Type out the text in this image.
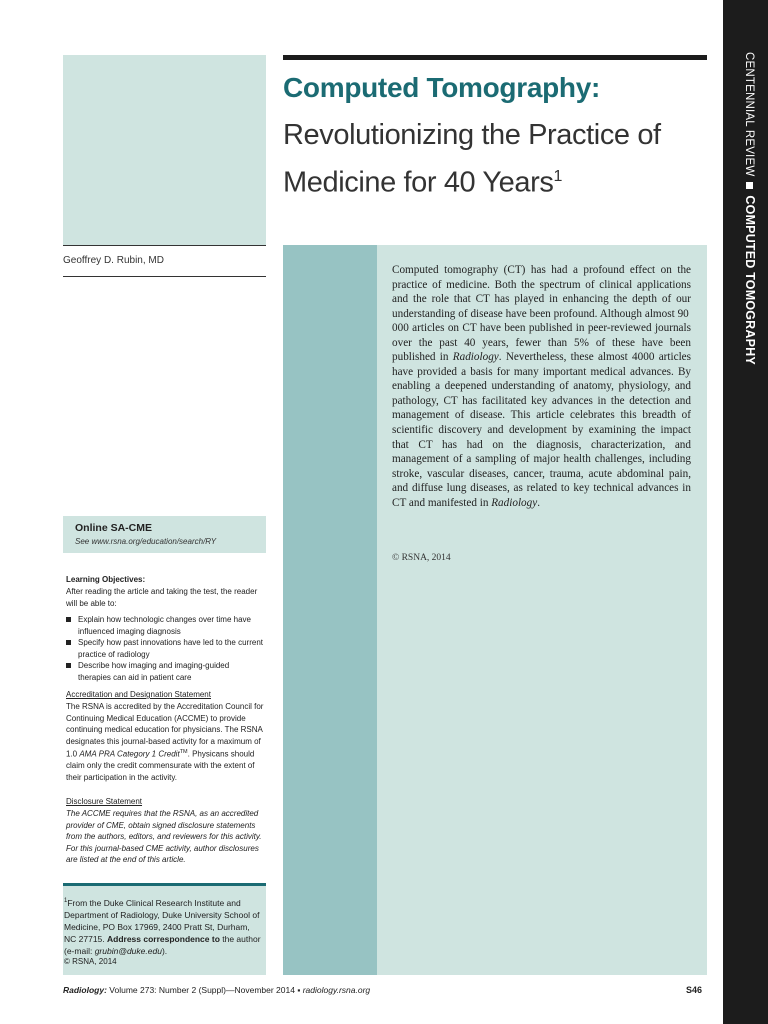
CENTENNIAL REVIEWCOMPUTED TOMOGRAPHY
Computed Tomography:
Revolutionizing the Practice of Medicine for 40 Years$^1$
Geoffrey D. Rubin, MD
Computed tomography (CT) has had a profound effect on the practice of medicine. Both the spectrum of clinical applications and the role that CT has played in enhancing the depth of our understanding of disease have been profound. Although almost 90 000 articles on CT have been published in peer-reviewed journals over the past 40 years, fewer than 5% of these have been published in Radiology. Nevertheless, these almost 4000 articles have provided a basis for many important medical advances. By enabling a deepened understanding of anatomy, physiology, and pathology, CT has facilitated key advances in the detection and management of disease. This article celebrates this breadth of scientific discovery and development by examining the impact that CT has had on the diagnosis, characterization, and management of a sampling of major health challenges, including stroke, vascular diseases, cancer, trauma, acute abdominal pain, and diffuse lung diseases, as related to key technical advances in CT and manifested in Radiology.
© RSNA, 2014
Online SA-CME
See www.rsna.org/education/search/RY
Learning Objectives:
After reading the article and taking the test, the reader will be able to:
Explain how technologic changes over time have influenced imaging diagnosis
Specify how past innovations have led to the current practice of radiology
Describe how imaging and imaging-guided therapies can aid in patient care
Accreditation and Designation Statement
The RSNA is accredited by the Accreditation Council for Continuing Medical Education (ACCME) to provide continuing medical education for physicians. The RSNA designates this journal-based activity for a maximum of 1.0 AMA PRA Category 1 Credit™. Physicans should claim only the credit commensurate with the extent of their participation in the activity.
Disclosure Statement
The ACCME requires that the RSNA, as an accredited provider of CME, obtain signed disclosure statements from the authors, editors, and reviewers for this activity. For this journal-based CME activity, author disclosures are listed at the end of this article.
$^1$From the Duke Clinical Research Institute and Department of Radiology, Duke University School of Medicine, PO Box 17969, 2400 Pratt St, Durham, NC 27715. Address correspondence to the author (e-mail: grubin@duke.edu).
© RSNA, 2014
Radiology: Volume 273: Number 2 (Suppl)—November 2014 ▪ radiology.rsna.org	S46
